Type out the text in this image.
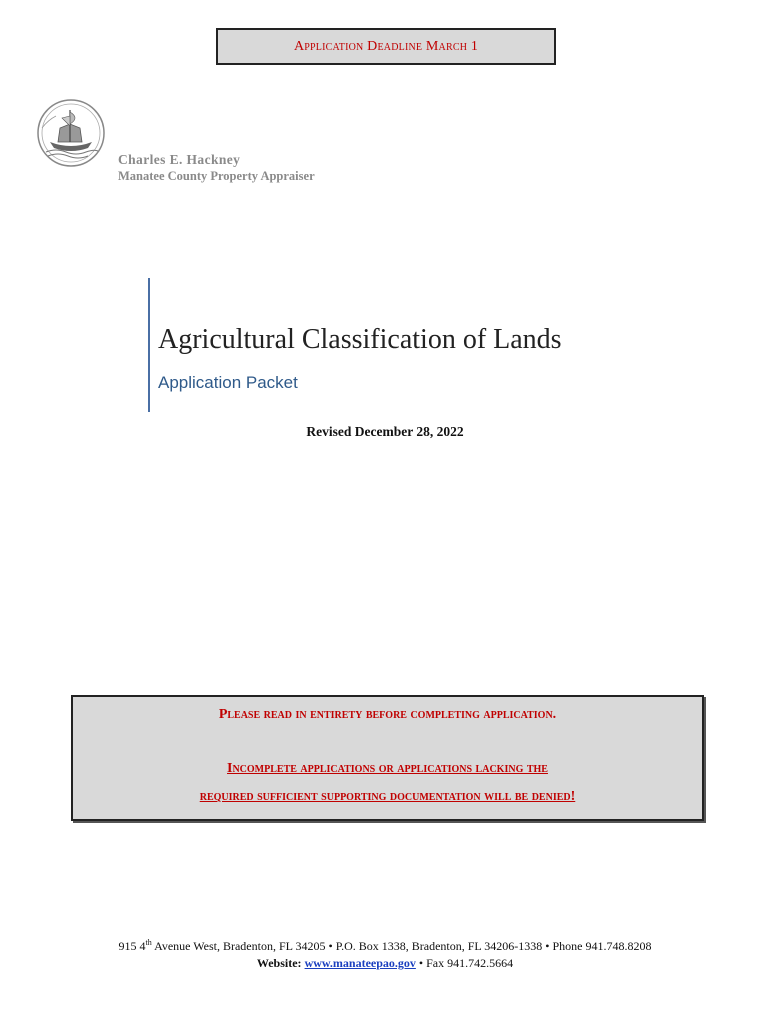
Application Deadline March 1
Charles E. Hackney
Manatee County Property Appraiser
Agricultural Classification of Lands
Application Packet
Revised December 28, 2022
Please read in entirety before completing application.
Incomplete applications or applications lacking the
required sufficient supporting documentation will be denied!
915 4th Avenue West, Bradenton, FL 34205 • P.O. Box 1338, Bradenton, FL 34206-1338 • Phone 941.748.8208
Website: www.manateepao.gov • Fax 941.742.5664
